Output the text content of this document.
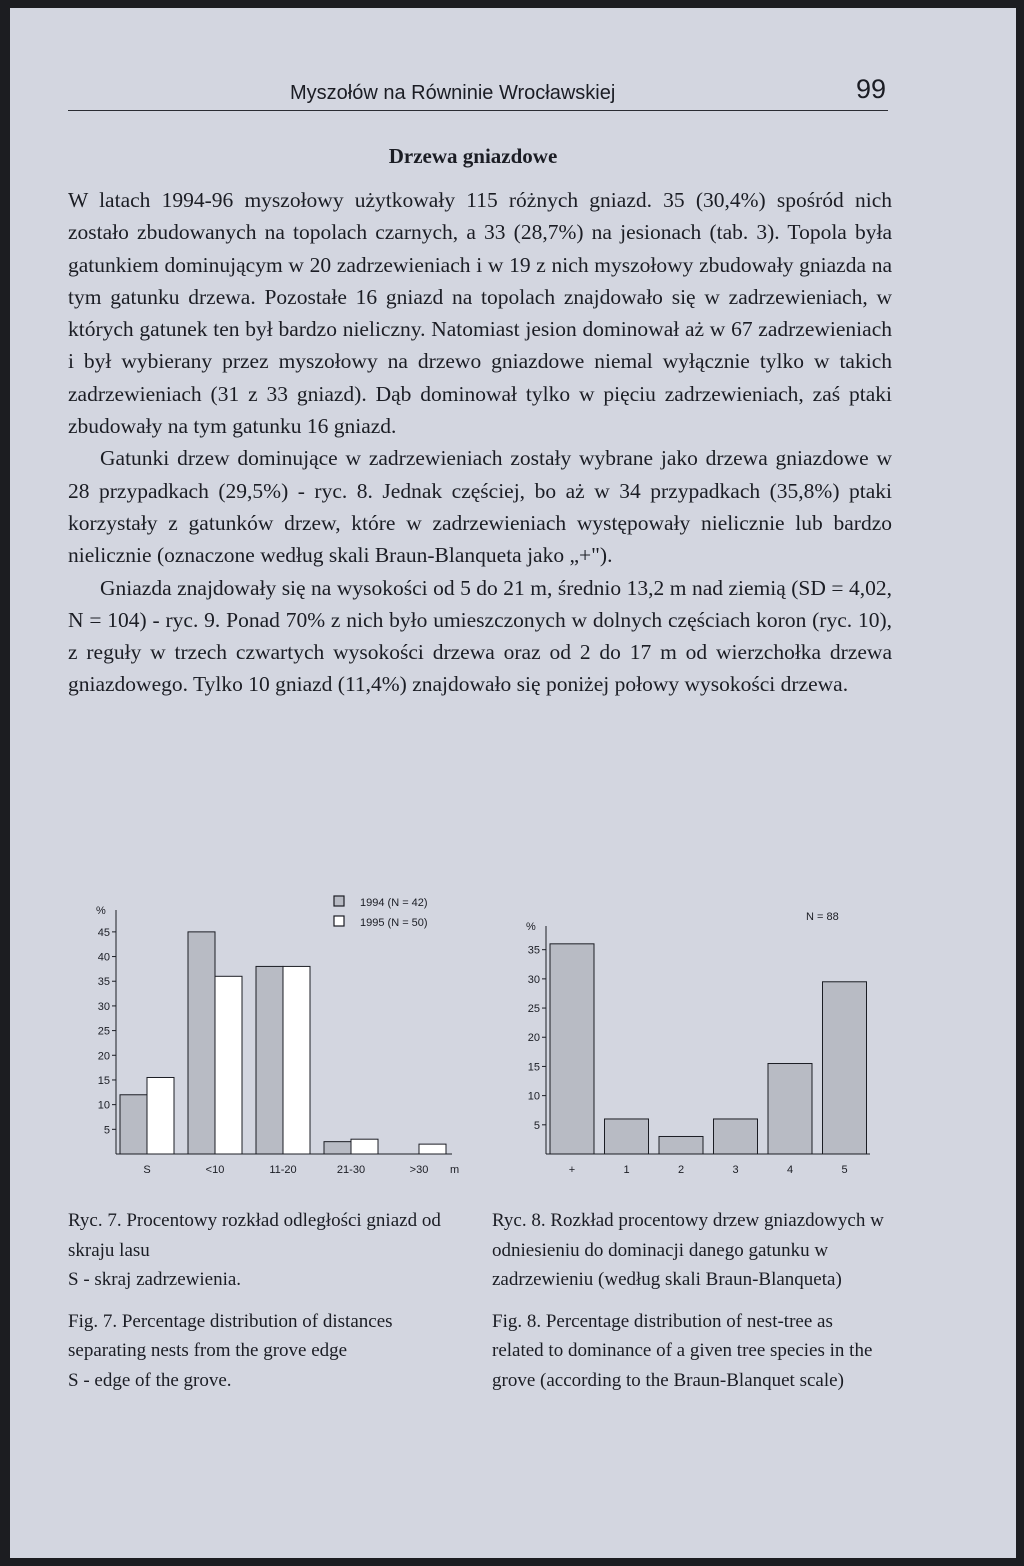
Myszołów na Równinie Wrocławskiej	99
Drzewa gniazdowe

W latach 1994-96 myszołowy użytkowały 115 różnych gniazd. 35 (30,4%) spośród nich zostało zbudowanych na topolach czarnych, a 33 (28,7%) na jesionach (tab. 3). Topola była gatunkiem dominującym w 20 zadrzewieniach i w 19 z nich myszołowy zbudowały gniazda na tym gatunku drzewa. Pozostałe 16 gniazd na topolach znajdowało się w zadrzewieniach, w których gatunek ten był bardzo nieliczny. Natomiast jesion dominował aż w 67 zadrzewieniach i był wybierany przez myszołowy na drzewo gniazdowe niemal wyłącznie tylko w takich zadrzewieniach (31 z 33 gniazd). Dąb dominował tylko w pięciu zadrzewieniach, zaś ptaki zbudowały na tym gatunku 16 gniazd.

Gatunki drzew dominujące w zadrzewieniach zostały wybrane jako drzewa gniazdowe w 28 przypadkach (29,5%) - ryc. 8. Jednak częściej, bo aż w 34 przypadkach (35,8%) ptaki korzystały z gatunków drzew, które w zadrzewieniach występowały nielicznie lub bardzo nielicznie (oznaczone według skali Braun-Blanqueta jako „+").

Gniazda znajdowały się na wysokości od 5 do 21 m, średnio 13,2 m nad ziemią (SD = 4,02, N = 104) - ryc. 9. Ponad 70% z nich było umieszczonych w dolnych częściach koron (ryc. 10), z reguły w trzech czwartych wysokości drzewa oraz od 2 do 17 m od wierzchołka drzewa gniazdowego. Tylko 10 gniazd (11,4%) znajdowało się poniżej połowy wysokości drzewa.

%
5
10
15
20
25
30
35
40
45
S	<10	11-20	21-30	>30 m
1994 (N = 42)
1995 (N = 50)	%
5
10
15
20
25
30
35
+	1	2	3	4	5
N = 88

Ryc. 7. Procentowy rozkład odległości gniazd od skraju lasu
S - skraj zadrzewienia.

Fig. 7. Percentage distribution of distances separating nests from the grove edge
S - edge of the grove.

Ryc. 8. Rozkład procentowy drzew gniazdowych w odniesieniu do dominacji danego gatunku w zadrzewieniu (według skali Braun-Blanqueta)

Fig. 8. Percentage distribution of nest-tree as related to dominance of a given tree species in the grove (according to the Braun-Blanquet scale)
